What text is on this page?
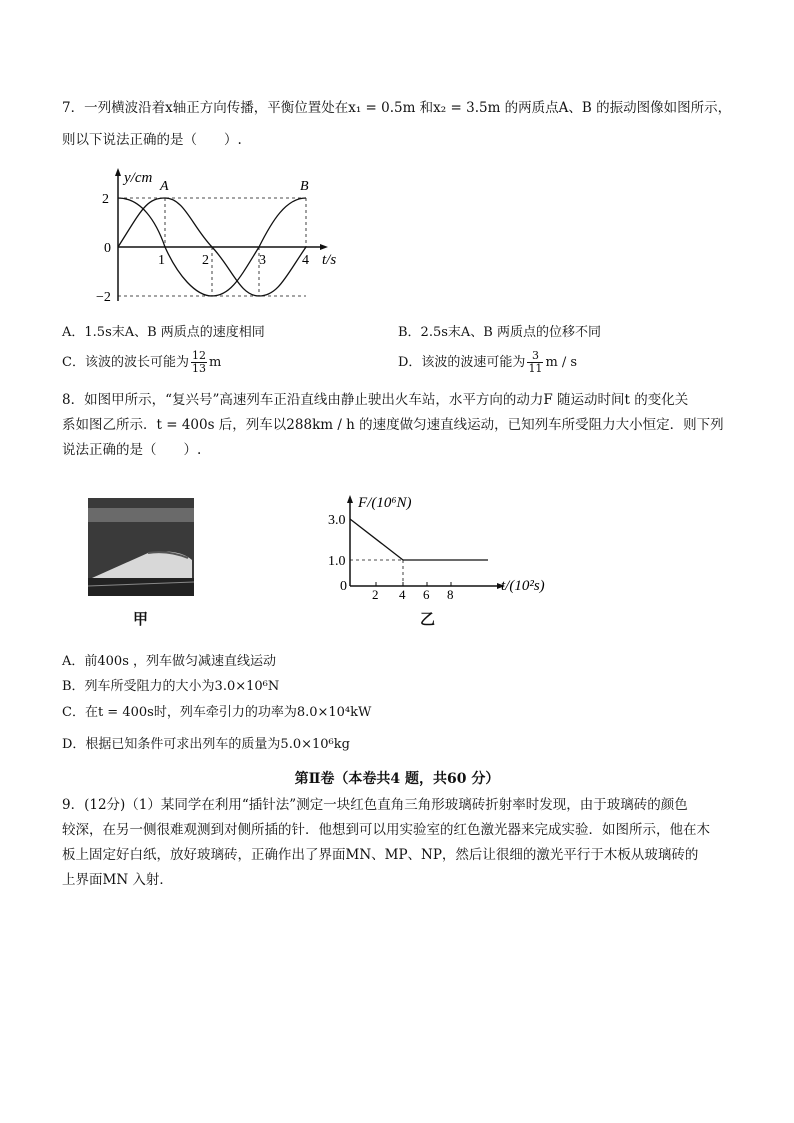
7．一列横波沿着x轴正方向传播，平衡位置处在x₁ = 0.5m 和x₂ = 3.5m 的两质点A、B 的振动图像如图所示，
则以下说法正确的是（　　）.
y/cm
A	B
2
0
−2
1	2	3	4 t/s
A．1.5s末A、B 两质点的速度相同	B．2.5s末A、B 两质点的位移不同
C．该波的波长可能为 $\frac{12}{13}$ m	D．该波的波速可能为 $\frac{3}{11}$ m / s
8．如图甲所示，“复兴号”高速列车正沿直线由静止驶出火车站，水平方向的动力F 随运动时间t 的变化关
系如图乙所示．t = 400s 后，列车以288km / h 的速度做匀速直线运动，已知列车所受阻力大小恒定．则下列
说法正确的是（　　）.
甲
F/(10⁶N)
3.0
1.0
0
2 4 6 8
t/(10²s)
乙
A．前400s ，列车做匀减速直线运动
B．列车所受阻力的大小为3.0×10⁶N
C．在t = 400s时，列车牵引力的功率为8.0×10⁴kW
D．根据已知条件可求出列车的质量为5.0×10⁶kg
第Ⅱ卷（本卷共4 题，共60 分）
9．(12分)（1）某同学在利用“插针法”测定一块红色直角三角形玻璃砖折射率时发现，由于玻璃砖的颜色
较深，在另一侧很难观测到对侧所插的针．他想到可以用实验室的红色激光器来完成实验．如图所示，他在木
板上固定好白纸，放好玻璃砖，正确作出了界面MN、MP、NP，然后让很细的激光平行于木板从玻璃砖的
上界面MN 入射．
